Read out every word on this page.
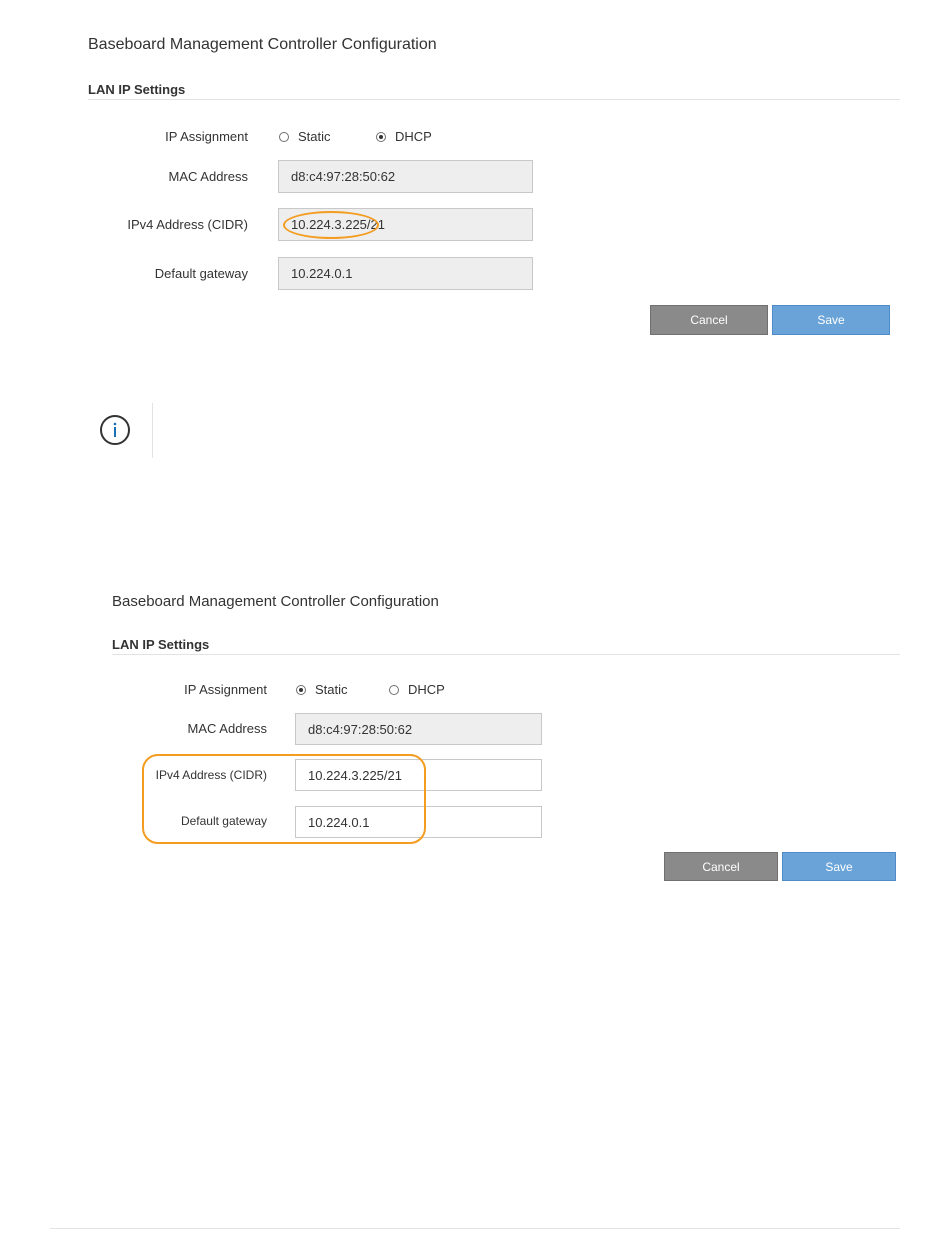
Baseboard Management Controller Configuration
LAN IP Settings
IP Assignment	Static	DHCP
MAC Address	d8:c4:97:28:50:62
IPv4 Address (CIDR)	10.224.3.225/21
Default gateway	10.224.0.1
Cancel	Save
Baseboard Management Controller Configuration
LAN IP Settings
IP Assignment	Static	DHCP
MAC Address	d8:c4:97:28:50:62
IPv4 Address (CIDR)	10.224.3.225/21
Default gateway	10.224.0.1
Cancel	Save
